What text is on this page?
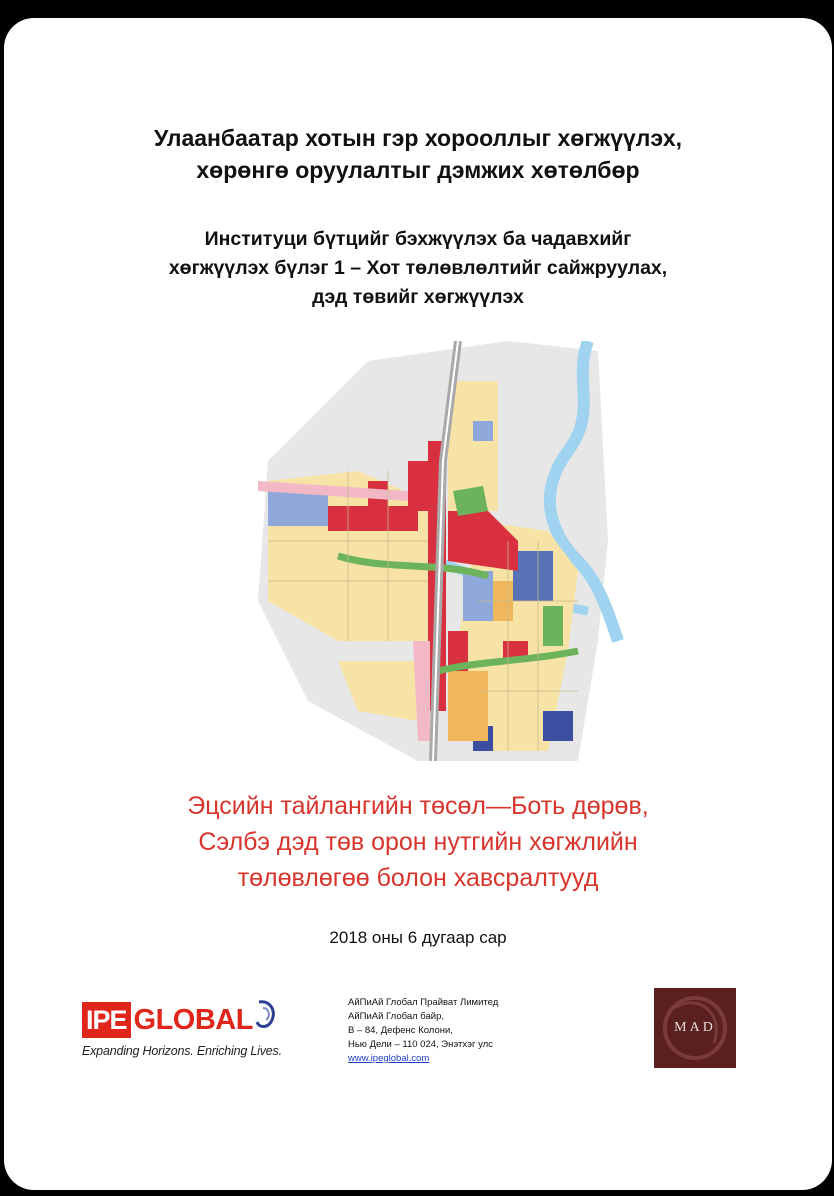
Улаанбаатар хотын гэр хорооллыг хөгжүүлэх,
хөрөнгө оруулалтыг дэмжих хөтөлбөр
Институци бүтцийг бэхжүүлэх ба чадавхийг
хөгжүүлэх бүлэг 1 – Хот төлөвлөлтийг сайжруулах,
дэд төвийг хөгжүүлэх
Эцсийн тайлангийн төсөл—Боть дөрөв,
Сэлбэ дэд төв орон нутгийн хөгжлийн
төлөвлөгөө болон хавсралтууд
2018 оны 6 дугаар сар
IPE GLOBAL
Expanding Horizons. Enriching Lives.
АйПиАй Глобал Прайват Лимитед
АйПиАй Глобал байр,
В – 84, Дефенс Колони,
Нью Дели – 110 024, Энэтхэг улс
www.ipeglobal.com
MAD
